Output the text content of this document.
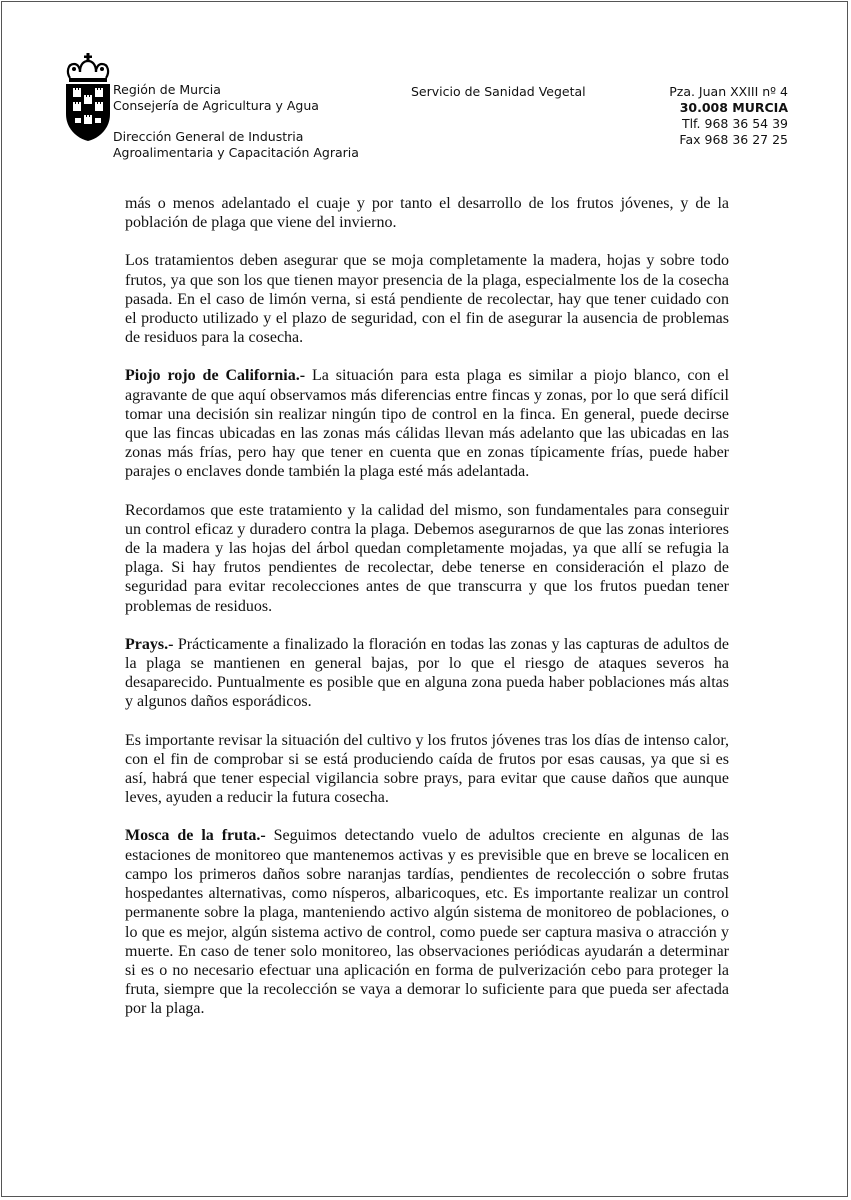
Región de Murcia
Consejería de Agricultura y Agua
Dirección General de Industria
Agroalimentaria y Capacitación Agraria
Servicio de Sanidad Vegetal	Pza. Juan XXIII nº 4
30.008 MURCIA
Tlf. 968 36 54 39
Fax 968 36 27 25

más o menos adelantado el cuaje y por tanto el desarrollo de los frutos jóvenes, y de la población de plaga que viene del invierno.

Los tratamientos deben asegurar que se moja completamente la madera, hojas y sobre todo frutos, ya que son los que tienen mayor presencia de la plaga, especialmente los de la cosecha pasada. En el caso de limón verna, si está pendiente de recolectar, hay que tener cuidado con el producto utilizado y el plazo de seguridad, con el fin de asegurar la ausencia de problemas de residuos para la cosecha.

Piojo rojo de California.- La situación para esta plaga es similar a piojo blanco, con el agravante de que aquí observamos más diferencias entre fincas y zonas, por lo que será difícil tomar una decisión sin realizar ningún tipo de control en la finca. En general, puede decirse que las fincas ubicadas en las zonas más cálidas llevan más adelanto que las ubicadas en las zonas más frías, pero hay que tener en cuenta que en zonas típicamente frías, puede haber parajes o enclaves donde también la plaga esté más adelantada.

Recordamos que este tratamiento y la calidad del mismo, son fundamentales para conseguir un control eficaz y duradero contra la plaga. Debemos asegurarnos de que las zonas interiores de la madera y las hojas del árbol quedan completamente mojadas, ya que allí se refugia la plaga. Si hay frutos pendientes de recolectar, debe tenerse en consideración el plazo de seguridad para evitar recolecciones antes de que transcurra y que los frutos puedan tener problemas de residuos.

Prays.- Prácticamente a finalizado la floración en todas las zonas y las capturas de adultos de la plaga se mantienen en general bajas, por lo que el riesgo de ataques severos ha desaparecido. Puntualmente es posible que en alguna zona pueda haber poblaciones más altas y algunos daños esporádicos.

Es importante revisar la situación del cultivo y los frutos jóvenes tras los días de intenso calor, con el fin de comprobar si se está produciendo caída de frutos por esas causas, ya que si es así, habrá que tener especial vigilancia sobre prays, para evitar que cause daños que aunque leves, ayuden a reducir la futura cosecha.

Mosca de la fruta.- Seguimos detectando vuelo de adultos creciente en algunas de las estaciones de monitoreo que mantenemos activas y es previsible que en breve se localicen en campo los primeros daños sobre naranjas tardías, pendientes de recolección o sobre frutas hospedantes alternativas, como nísperos, albaricoques, etc. Es importante realizar un control permanente sobre la plaga, manteniendo activo algún sistema de monitoreo de poblaciones, o lo que es mejor, algún sistema activo de control, como puede ser captura masiva o atracción y muerte. En caso de tener solo monitoreo, las observaciones periódicas ayudarán a determinar si es o no necesario efectuar una aplicación en forma de pulverización cebo para proteger la fruta, siempre que la recolección se vaya a demorar lo suficiente para que pueda ser afectada por la plaga.
